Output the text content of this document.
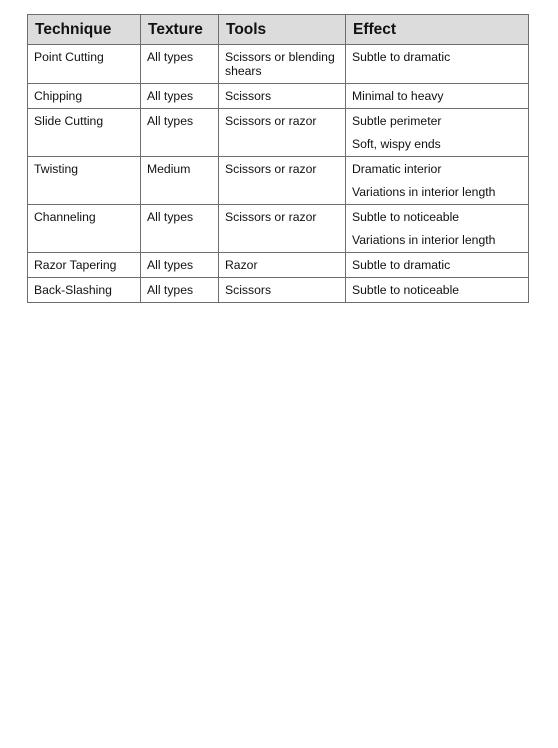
Technique	Texture	Tools	Effect

Point Cutting	All types	Scissors or blending shears	Subtle to dramatic

Chipping	All types	Scissors	Minimal to heavy

Slide Cutting	All types	Scissors or razor	Subtle perimeter
Soft, wispy ends

Twisting	Medium	Scissors or razor	Dramatic interior
Variations in interior length

Channeling	All types	Scissors or razor	Subtle to noticeable
Variations in interior length

Razor Tapering	All types	Razor	Subtle to dramatic

Back-Slashing	All types	Scissors	Subtle to noticeable
